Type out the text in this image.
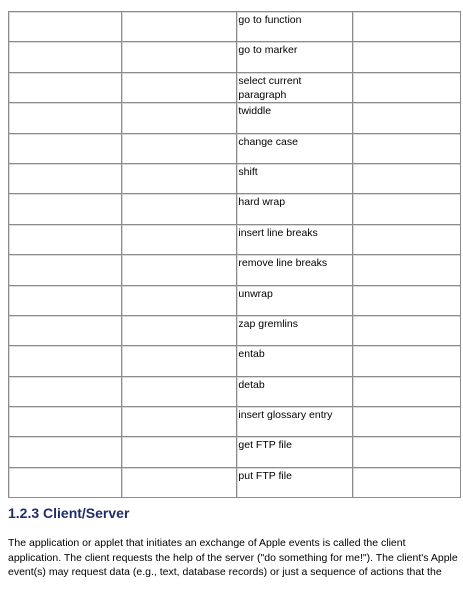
		go to function	
		go to marker	
		select current paragraph	
		twiddle	
		change case	
		shift	
		hard wrap	
		insert line breaks	
		remove line breaks	
		unwrap	
		zap gremlins	
		entab	
		detab	
		insert glossary entry	
		get FTP file	
		put FTP file	
1.2.3 Client/Server

The application or applet that initiates an exchange of Apple events is called the client application. The client requests the help of the server ("do something for me!"). The client's Apple event(s) may request data (e.g., text, database records) or just a sequence of actions that the
